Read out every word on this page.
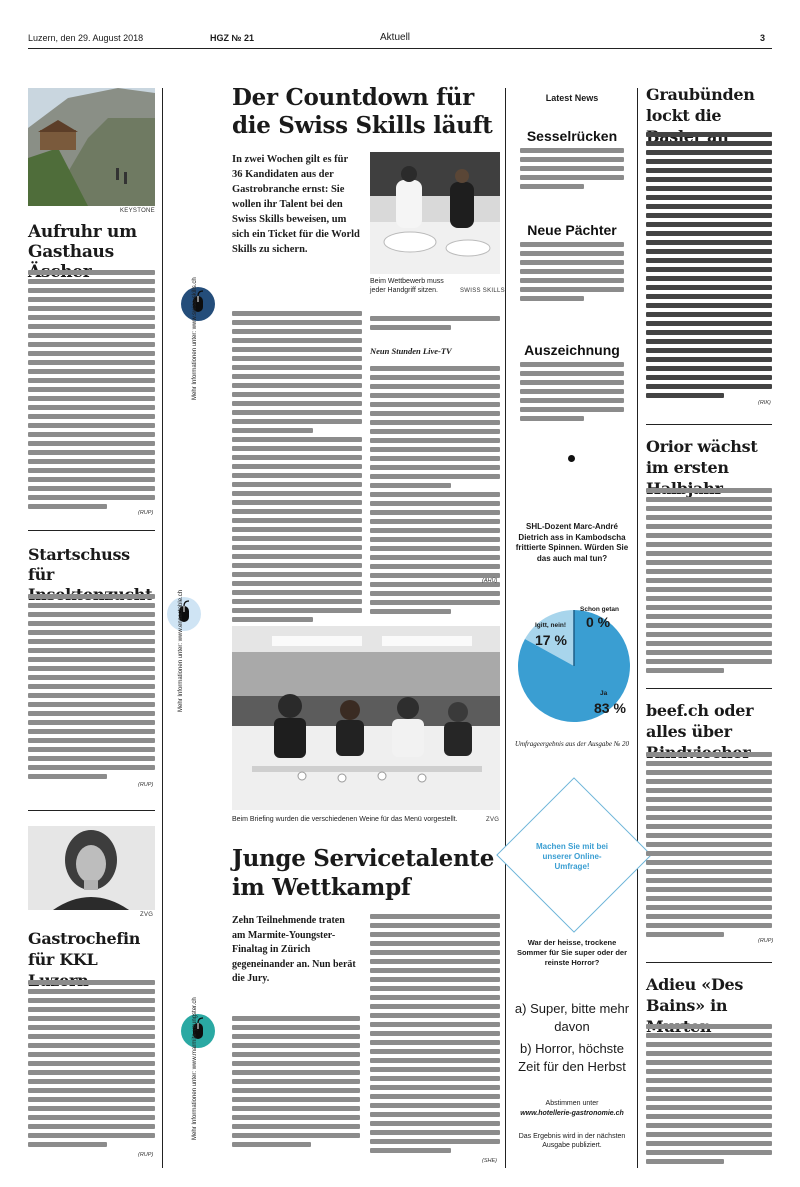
Luzern, den 29. August 2018	HGZ № 21	Aktuell	3
KEYSTONE
Aufruhr um Gasthaus
(RUP)
Startschuss für
(RUP)
ZVG
Gastrochefin für KKL
(RUP)
Mehr Informationen unter: www.swiss-skills.ch
Mehr Informationen unter: www.ensectable.ch
Mehr Informationen unter: www.marmite-youngster.ch
Der Countdown für die Swiss Skills läuft
In zwei Wochen gilt es für 36 Kandidaten aus der Gastrobranche ernst: Sie wollen ihr Talent bei den Swiss Skills beweisen, um sich ein Ticket für die World Skills zu sichern.
Beim Wettbewerb muss jeder Handgriff sitzen.	SWISS SKILLS
Neun Stunden Live-TV
(AHÜ)
Beim Briefing wurden die verschiedenen Weine für das Menü vorgestellt.	ZVG
Junge Servicetalente im Wettkampf
Zehn Teilnehmende traten am Marmite-Youngster-Finaltag in Zürich gegeneinander an. Nun berät die Jury.
(SHE)
Latest News
Sesselrücken
Neue Pächter
Auszeichnung
SHL-Dozent Marc-André Dietrich ass in Kambodscha frittierte Spinnen. Würden Sie das auch mal tun?
Schon getan
0 %
Igitt, nein!
17 %
Ja
83 %
Umfrageergebnis aus der Ausgabe № 20
Machen Sie mit bei unserer Online-Umfrage!
War der heisse, trockene Sommer für Sie super oder der reinste Horror?
a) Super, bitte mehr davon
b) Horror, höchste Zeit für den Herbst
Abstimmen unter
www.hotellerie-gastronomie.ch
Das Ergebnis wird in der nächsten Ausgabe publiziert.
Graubünden lockt die
(RIK)
Orior wächst im ersten
beef.ch oder alles über
(RUP)
Adieu «Des Bains» in
